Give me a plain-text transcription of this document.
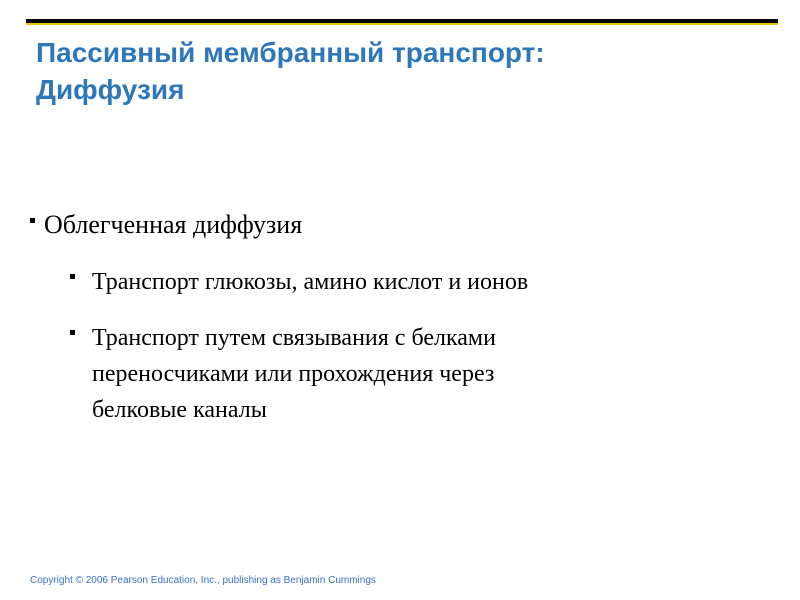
Пассивный мембранный транспорт:
Диффузия
Облегченная диффузия
Транспорт глюкозы, амино кислот и ионов
Транспорт путем связывания с белками
переносчиками или прохождения через
белковые каналы
Copyright © 2006 Pearson Education, Inc., publishing as Benjamin Cummings
